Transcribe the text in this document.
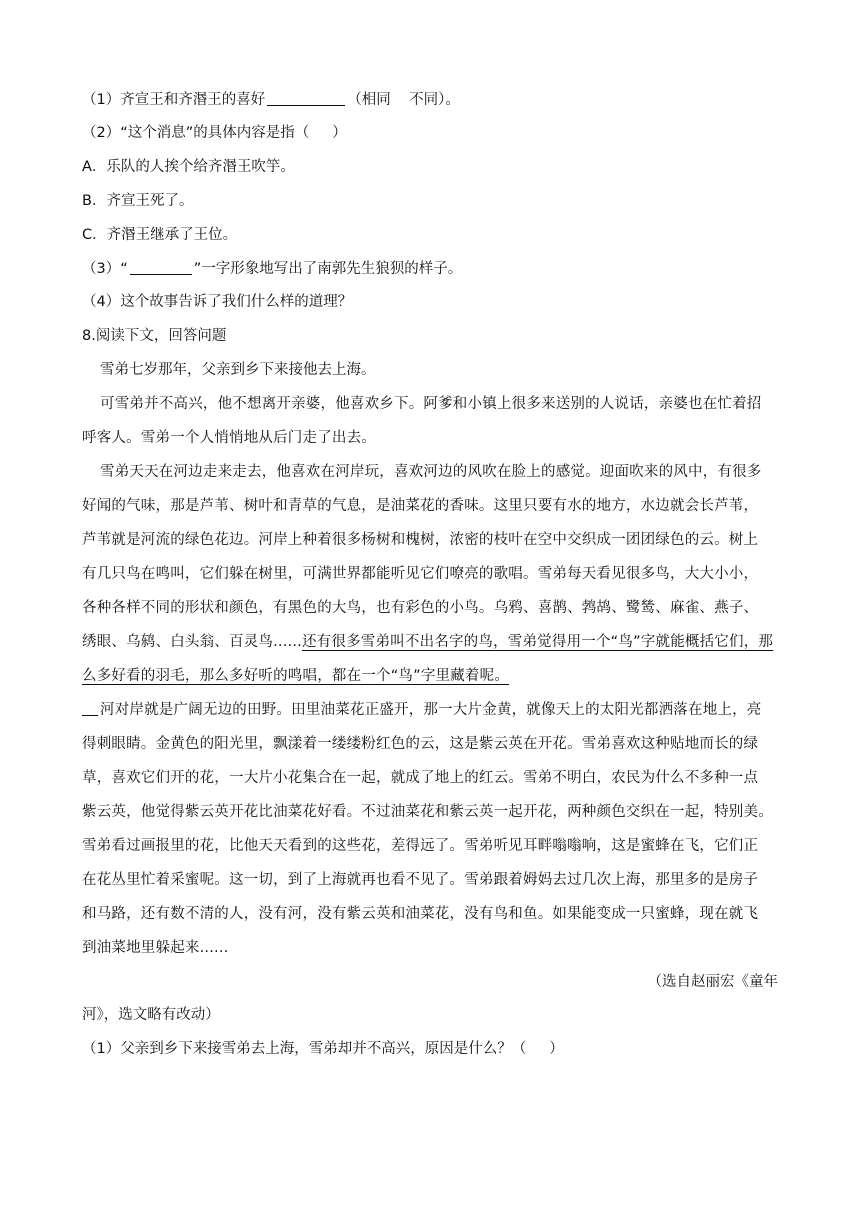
（1）齐宣王和齐湣王的喜好	（相同    不同）。
（2）“这个消息”的具体内容是指（     ）
A．乐队的人挨个给齐湣王吹竽。
B．齐宣王死了。
C．齐湣王继承了王位。
（3）“	”一字形象地写出了南郭先生狼狈的样子。
（4）这个故事告诉了我们什么样的道理？
8.阅读下文，回答问题
雪弟七岁那年，父亲到乡下来接他去上海。
可雪弟并不高兴，他不想离开亲婆，他喜欢乡下。阿爹和小镇上很多来送别的人说话，亲婆也在忙着招
呼客人。雪弟一个人悄悄地从后门走了出去。
雪弟天天在河边走来走去，他喜欢在河岸玩，喜欢河边的风吹在脸上的感觉。迎面吹来的风中，有很多
好闻的气味，那是芦苇、树叶和青草的气息，是油菜花的香味。这里只要有水的地方，水边就会长芦苇，
芦苇就是河流的绿色花边。河岸上种着很多杨树和槐树，浓密的枝叶在空中交织成一团团绿色的云。树上
有几只鸟在鸣叫，它们躲在树里，可满世界都能听见它们嘹亮的歌唱。雪弟每天看见很多鸟，大大小小，
各种各样不同的形状和颜色，有黑色的大鸟，也有彩色的小鸟。乌鸦、喜鹊、鹁鸪、鹭鸶、麻雀、燕子、
绣眼、乌鸫、白头翁、百灵鸟......还有很多雪弟叫不出名字的鸟，雪弟觉得用一个“鸟”字就能概括它们，那
么多好看的羽毛，那么多好听的鸣唱，都在一个“鸟”字里藏着呢。
河对岸就是广阔无边的田野。田里油菜花正盛开，那一大片金黄，就像天上的太阳光都洒落在地上，亮
得刺眼睛。金黄色的阳光里，飘漾着一缕缕粉红色的云，这是紫云英在开花。雪弟喜欢这种贴地而长的绿
草，喜欢它们开的花，一大片小花集合在一起，就成了地上的红云。雪弟不明白，农民为什么不多种一点
紫云英，他觉得紫云英开花比油菜花好看。不过油菜花和紫云英一起开花，两种颜色交织在一起，特别美。
雪弟看过画报里的花，比他天天看到的这些花，差得远了。雪弟听见耳畔嗡嗡响，这是蜜蜂在飞，它们正
在花丛里忙着采蜜呢。这一切，到了上海就再也看不见了。雪弟跟着姆妈去过几次上海，那里多的是房子
和马路，还有数不清的人，没有河，没有紫云英和油菜花，没有鸟和鱼。如果能变成一只蜜蜂，现在就飞
到油菜地里躲起来......
（选自赵丽宏《童年
河》，选文略有改动）
（1）父亲到乡下来接雪弟去上海，雪弟却并不高兴，原因是什么？（     ）
